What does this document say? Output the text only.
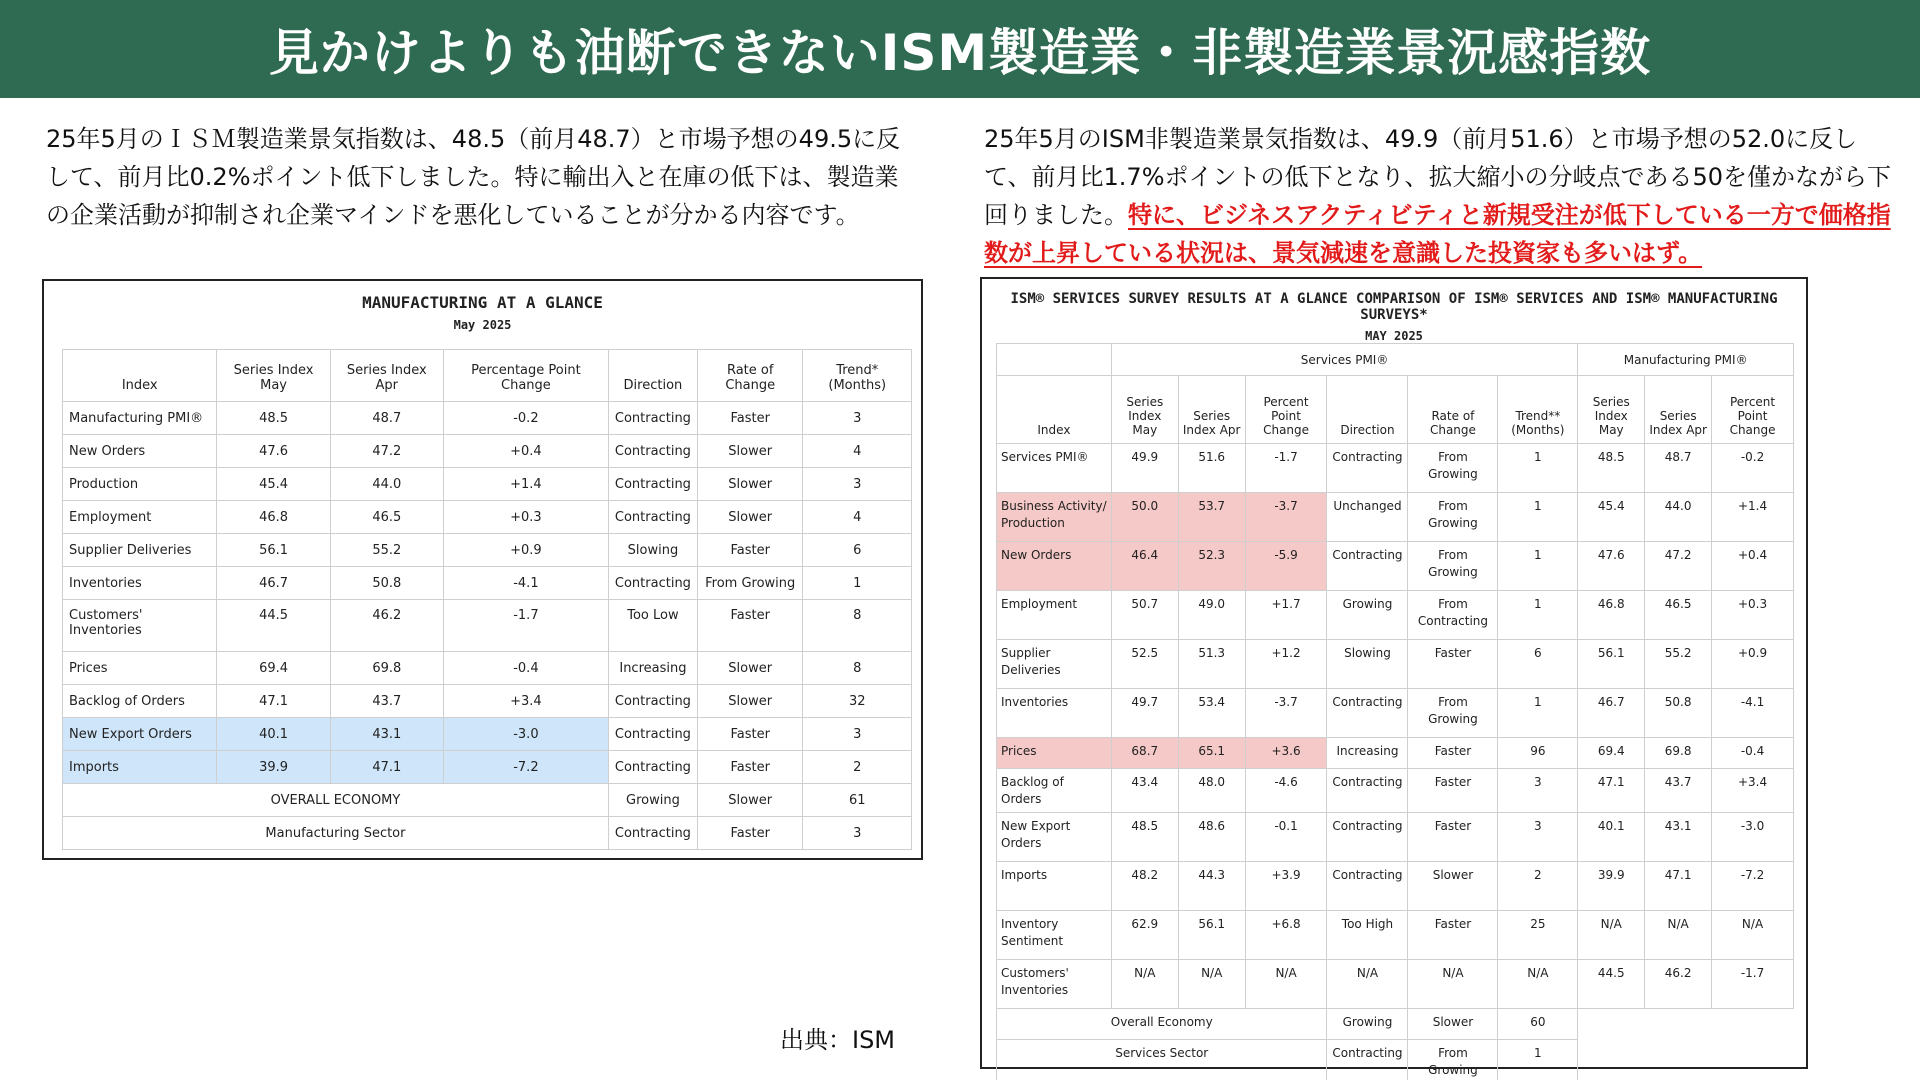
見かけよりも油断できないISM製造業・非製造業景況感指数

25年5月のＩＳＭ製造業景気指数は、48.5（前月48.7）と市場予想の49.5に反して、前月比0.2%ポイント低下しました。特に輸出入と在庫の低下は、製造業の企業活動が抑制され企業マインドを悪化していることが分かる内容です。

25年5月のISM非製造業景気指数は、49.9（前月51.6）と市場予想の52.0に反して、前月比1.7%ポイントの低下となり、拡大縮小の分岐点である50を僅かながら下回りました。特に、ビジネスアクティビティと新規受注が低下している一方で価格指数が上昇している状況は、景気減速を意識した投資家も多いはず。

MANUFACTURING AT A GLANCE
May 2025
Index	Series Index May	Series Index Apr	Percentage Point Change	Direction	Rate of Change	Trend* (Months)
Manufacturing PMI®	48.5	48.7	-0.2	Contracting	Faster	3
New Orders	47.6	47.2	+0.4	Contracting	Slower	4
Production	45.4	44.0	+1.4	Contracting	Slower	3
Employment	46.8	46.5	+0.3	Contracting	Slower	4
Supplier Deliveries	56.1	55.2	+0.9	Slowing	Faster	6
Inventories	46.7	50.8	-4.1	Contracting	From Growing	1
Customers' Inventories	44.5	46.2	-1.7	Too Low	Faster	8
Prices	69.4	69.8	-0.4	Increasing	Slower	8
Backlog of Orders	47.1	43.7	+3.4	Contracting	Slower	32
New Export Orders	40.1	43.1	-3.0	Contracting	Faster	3
Imports	39.9	47.1	-7.2	Contracting	Faster	2
OVERALL ECONOMY				Growing	Slower	61
Manufacturing Sector				Contracting	Faster	3
ISM® SERVICES SURVEY RESULTS AT A GLANCE COMPARISON OF ISM® SERVICES AND ISM® MANUFACTURING SURVEYS*
MAY 2025
	Services PMI®						Manufacturing PMI®		
Index	Series Index May	Series Index Apr	Percent Point Change	Direction	Rate of Change	Trend** (Months)	Series Index May	Series Index Apr	Percent Point Change
Services PMI®	49.9	51.6	-1.7	Contracting	From Growing	1	48.5	48.7	-0.2
Business Activity/ Production	50.0	53.7	-3.7	Unchanged	From Growing	1	45.4	44.0	+1.4
New Orders	46.4	52.3	-5.9	Contracting	From Growing	1	47.6	47.2	+0.4
Employment	50.7	49.0	+1.7	Growing	From Contracting	1	46.8	46.5	+0.3
Supplier Deliveries	52.5	51.3	+1.2	Slowing	Faster	6	56.1	55.2	+0.9
Inventories	49.7	53.4	-3.7	Contracting	From Growing	1	46.7	50.8	-4.1
Prices	68.7	65.1	+3.6	Increasing	Faster	96	69.4	69.8	-0.4
Backlog of Orders	43.4	48.0	-4.6	Contracting	Faster	3	47.1	43.7	+3.4
New Export Orders	48.5	48.6	-0.1	Contracting	Faster	3	40.1	43.1	-3.0
Imports	48.2	44.3	+3.9	Contracting	Slower	2	39.9	47.1	-7.2
Inventory Sentiment	62.9	56.1	+6.8	Too High	Faster	25	N/A	N/A	N/A
Customers' Inventories	N/A	N/A	N/A	N/A	N/A	N/A	44.5	46.2	-1.7
Overall Economy				Growing	Slower	60			
Services Sector				Contracting	From Growing	1			
出典：ISM
